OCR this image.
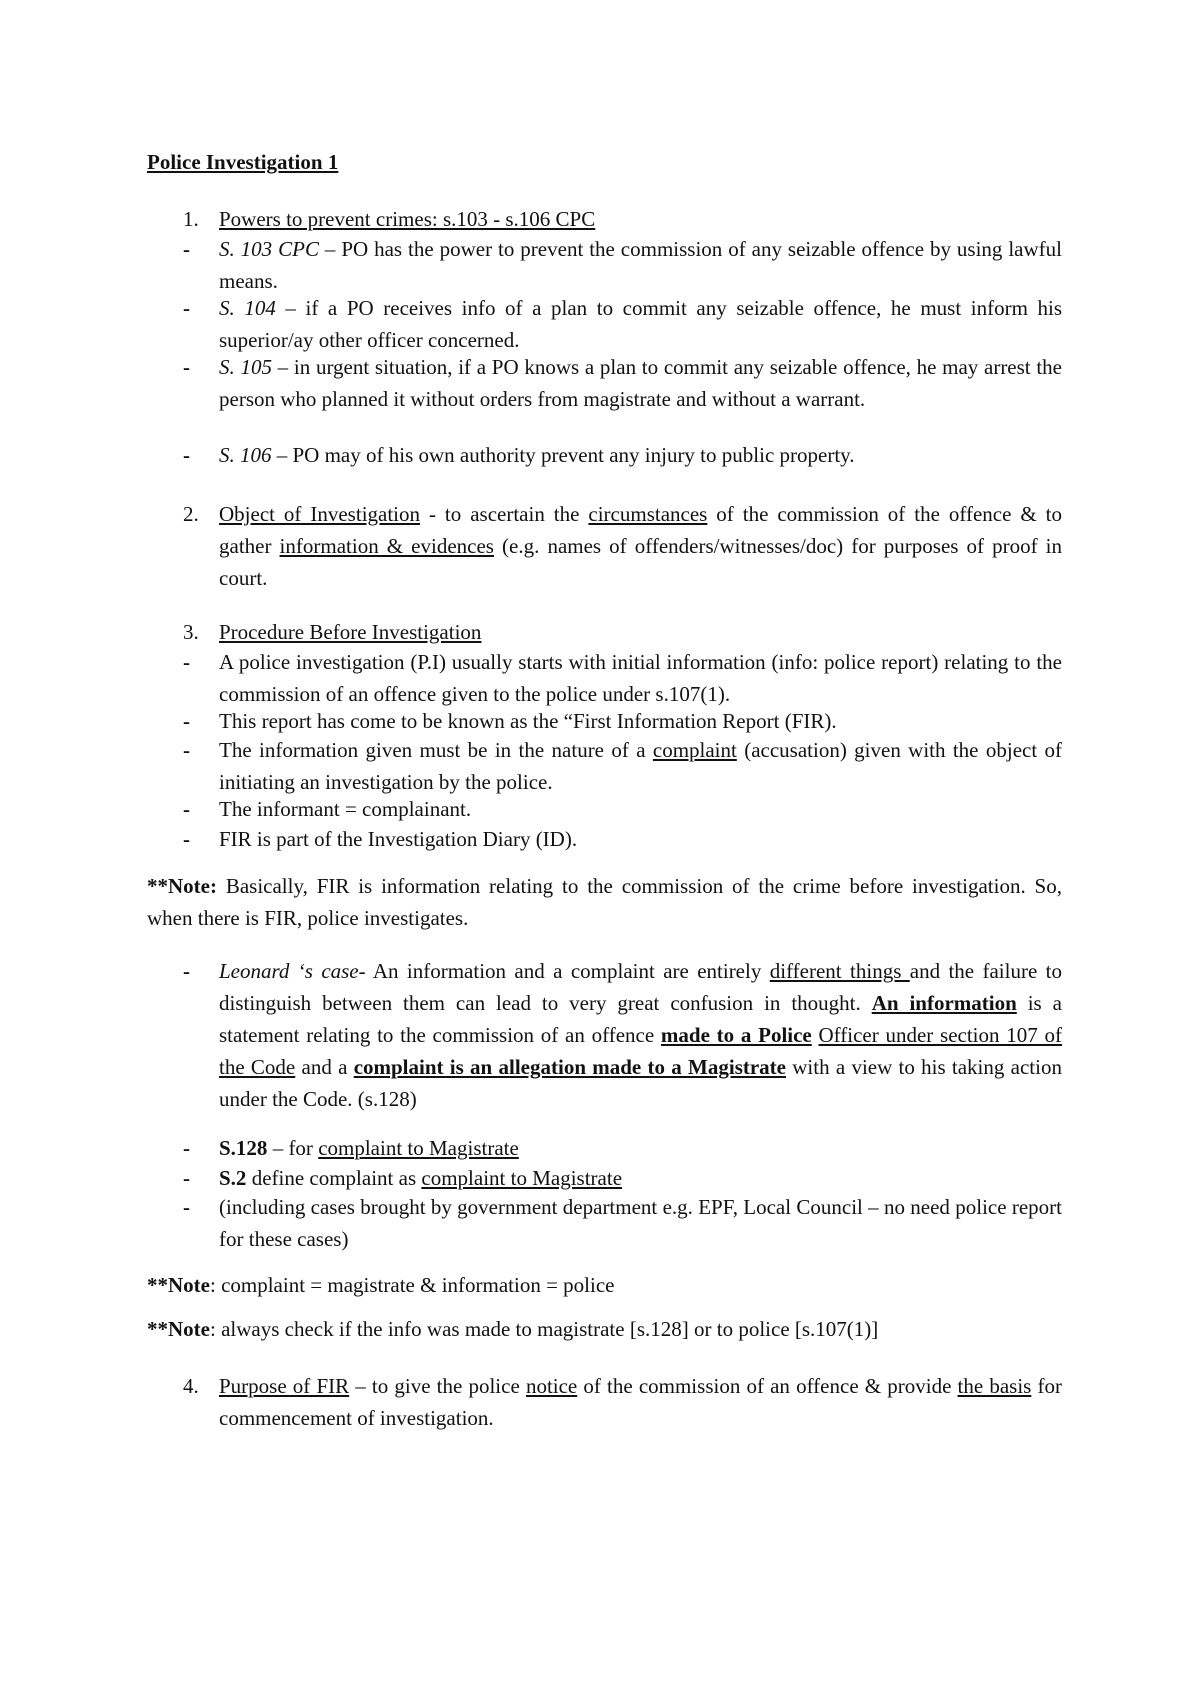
Police Investigation 1
1. Powers to prevent crimes: s.103 - s.106 CPC
- S. 103 CPC – PO has the power to prevent the commission of any seizable offence by using lawful means.
- S. 104 – if a PO receives info of a plan to commit any seizable offence, he must inform his superior/ay other officer concerned.
- S. 105 – in urgent situation, if a PO knows a plan to commit any seizable offence, he may arrest the person who planned it without orders from magistrate and without a warrant.
- S. 106 – PO may of his own authority prevent any injury to public property.
2. Object of Investigation - to ascertain the circumstances of the commission of the offence & to gather information & evidences (e.g. names of offenders/witnesses/doc) for purposes of proof in court.
3. Procedure Before Investigation
- A police investigation (P.I) usually starts with initial information (info: police report) relating to the commission of an offence given to the police under s.107(1).
- This report has come to be known as the “First Information Report (FIR).
- The information given must be in the nature of a complaint (accusation) given with the object of initiating an investigation by the police.
- The informant = complainant.
- FIR is part of the Investigation Diary (ID).
**Note: Basically, FIR is information relating to the commission of the crime before investigation. So, when there is FIR, police investigates.
- Leonard ‘s case- An information and a complaint are entirely different things and the failure to distinguish between them can lead to very great confusion in thought. An information is a statement relating to the commission of an offence made to a Police Officer under section 107 of the Code and a complaint is an allegation made to a Magistrate with a view to his taking action under the Code. (s.128)
- S.128 – for complaint to Magistrate
- S.2 define complaint as complaint to Magistrate
- (including cases brought by government department e.g. EPF, Local Council – no need police report for these cases)
**Note: complaint = magistrate & information = police
**Note: always check if the info was made to magistrate [s.128] or to police [s.107(1)]
4. Purpose of FIR – to give the police notice of the commission of an offence & provide the basis for commencement of investigation.
